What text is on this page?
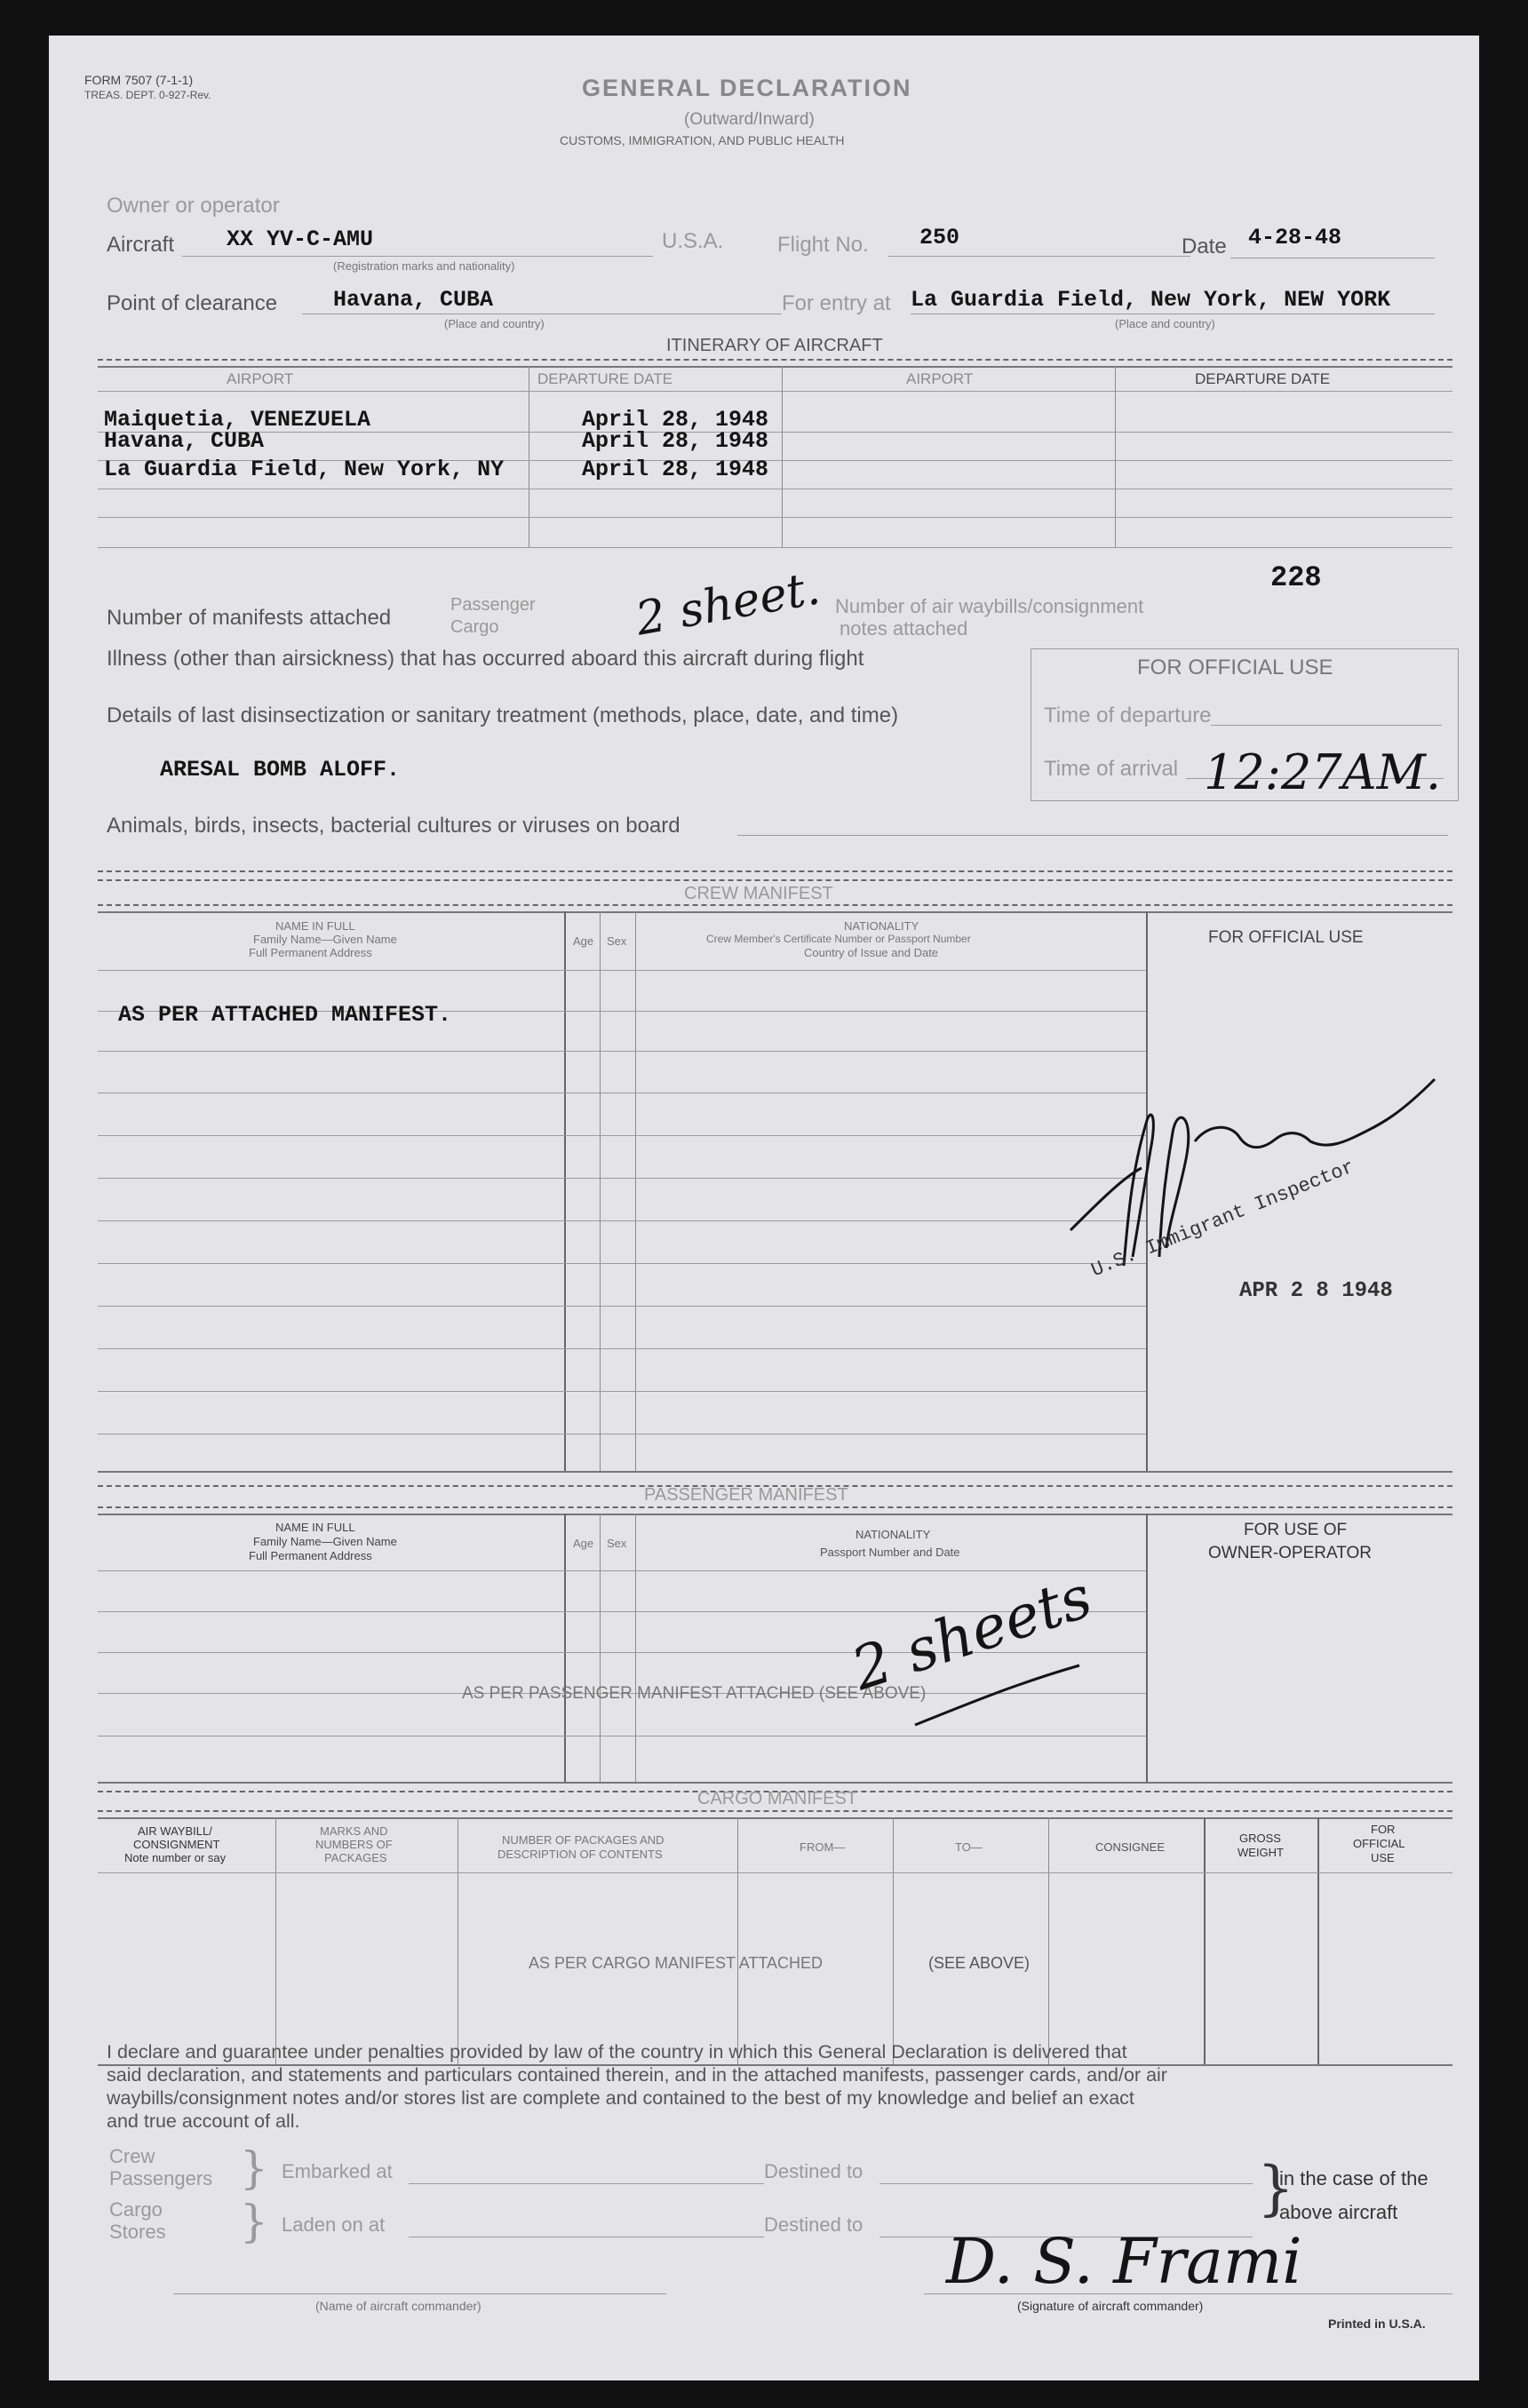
FORM 7507 (7-1-1)
TREAS. DEPT. 0-927-Rev.	GENERAL DECLARATION
(Outward/Inward)
CUSTOMS, IMMIGRATION, AND PUBLIC HEALTH
Owner or operator
Aircraft XX YV-C-AMU
(Registration marks and nationality)
U.S.A.	Flight No. 250	Date 4-28-48
Point of clearance	Havana, CUBA
(Place and country)
For entry at La Guardia Field, New York, NEW YORK
(Place and country)
ITINERARY OF AIRCRAFT
AIRPORT	DEPARTURE DATE	AIRPORT	DEPARTURE DATE
Maiquetia, VENEZUELA	April 28, 1948
Havana, CUBA	April 28, 1948
La Guardia Field, New York, NY	April 28, 1948
Number of manifests attached
Passenger
Cargo	2 sheet. Number of air waybills/consignment
notes attached
228
Illness (other than airsickness) that has occurred aboard this aircraft during flight	FOR OFFICIAL USE
Time of departure
Time of arrival 12:27AM.
Details of last disinsectization or sanitary treatment (methods, place, date, and time)
ARESAL BOMB ALOFF.
Animals, birds, insects, bacterial cultures or viruses on board
CREW MANIFEST
NAME IN FULL
Family Name—Given Name
Full Permanent Address
Age Sex
NATIONALITY
Crew Member's Certificate Number or Passport Number
Country of Issue and Date
FOR OFFICIAL USE
AS PER ATTACHED MANIFEST.
U.S. Immigrant Inspector
APR 2 8 1948
PASSENGER MANIFEST
NAME IN FULL
Family Name—Given Name
Full Permanent Address
Age Sex
NATIONALITY
Passport Number and Date
FOR USE OF
OWNER-OPERATOR
AS PER PASSENGER MANIFEST ATTACHED (SEE ABOVE)
2 sheets
CARGO MANIFEST
AIR WAYBILL/
CONSIGNMENT
Note number or say
MARKS AND
NUMBERS OF
PACKAGES
NUMBER OF PACKAGES AND
DESCRIPTION OF CONTENTS
FROM—	TO—	CONSIGNEE
GROSS
WEIGHT
FOR
OFFICIAL
USE
AS PER CARGO MANIFEST ATTACHED	(SEE ABOVE)
I declare and guarantee under penalties provided by law of the country in which this General Declaration is delivered that
said declaration, and statements and particulars contained therein, and in the attached manifests, passenger cards, and/or air
waybills/consignment notes and/or stores list are complete and contained to the best of my knowledge and belief an exact
and true account of all.
Crew
Passengers
Cargo
Stores
}
}
Embarked at
Laden on at
Destined to
Destined to
}
in the case of the
above aircraft
(Name of aircraft commander)
D. S. Frami
(Signature of aircraft commander)
Printed in U.S.A.
